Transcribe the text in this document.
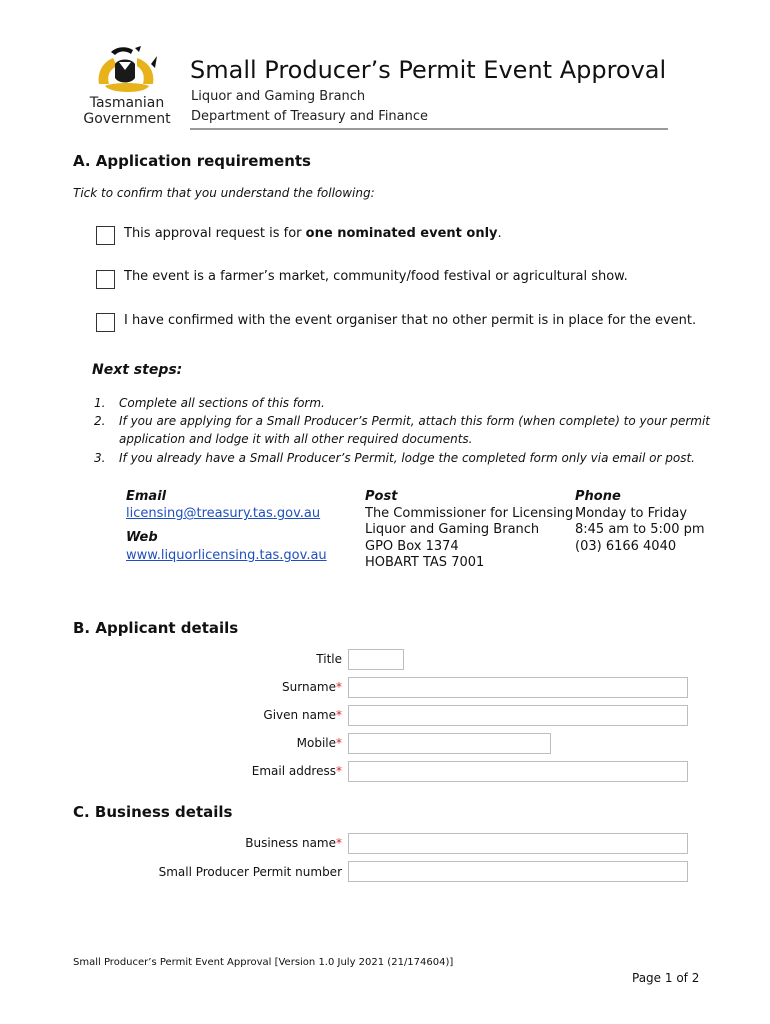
Tasmanian
Government
Small Producer’s Permit Event Approval
Liquor and Gaming Branch
Department of Treasury and Finance
A. Application requirements
Tick to confirm that you understand the following:
This approval request is for one nominated event only.
The event is a farmer’s market, community/food festival or agricultural show.
I have confirmed with the event organiser that no other permit is in place for the event.
Next steps:
1. Complete all sections of this form.
2. If you are applying for a Small Producer’s Permit, attach this form (when complete) to your permit
application and lodge it with all other required documents.
3. If you already have a Small Producer’s Permit, lodge the completed form only via email or post.
Email
licensing@treasury.tas.gov.au
Web
www.liquorlicensing.tas.gov.au
Post
The Commissioner for Licensing
Liquor and Gaming Branch
GPO Box 1374
HOBART TAS 7001
Phone
Monday to Friday
8:45 am to 5:00 pm
(03) 6166 4040
B. Applicant details
Title
Surname*
Given name*
Mobile*
Email address*
C. Business details
Business name*
Small Producer Permit number
Small Producer’s Permit Event Approval [Version 1.0 July 2021 (21/174604)]
Page 1 of 2
